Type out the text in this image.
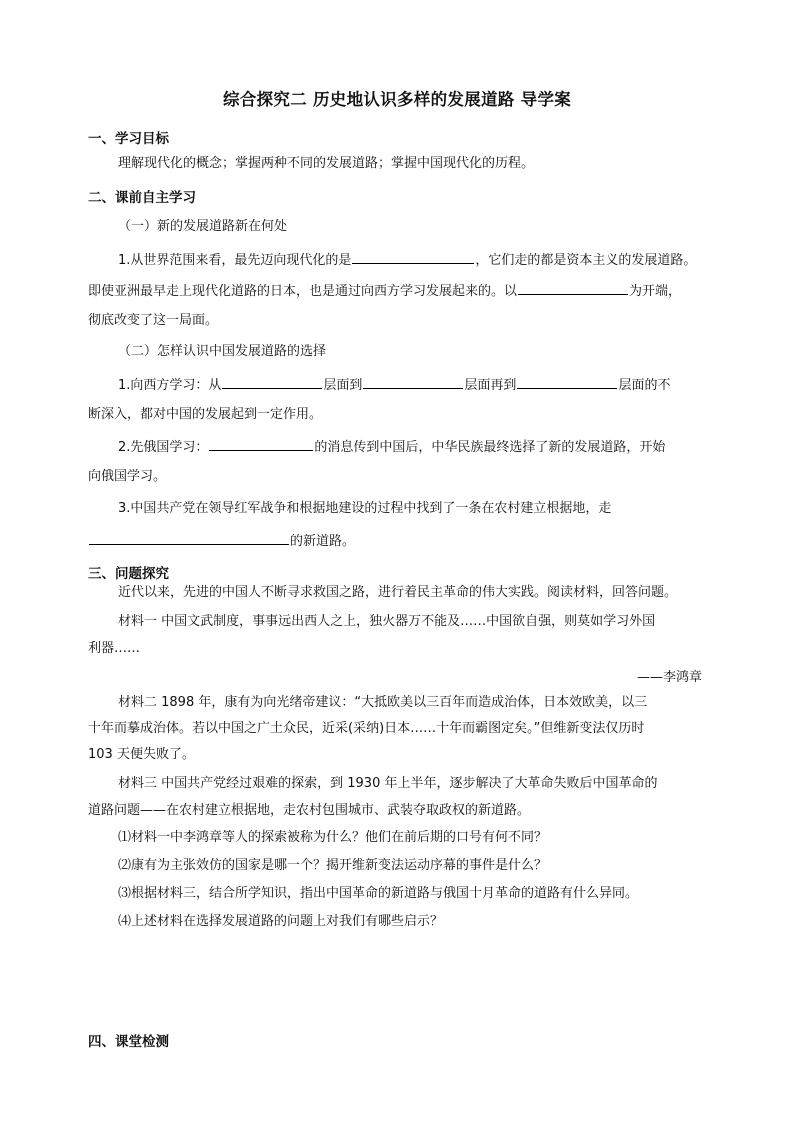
综合探究二 历史地认识多样的发展道路 导学案
一、学习目标
理解现代化的概念；掌握两种不同的发展道路；掌握中国现代化的历程。
二、课前自主学习
（一）新的发展道路新在何处
1.从世界范围来看，最先迈向现代化的是	，它们走的都是资本主义的发展道路。
即使亚洲最早走上现代化道路的日本，也是通过向西方学习发展起来的。以	为开端，
彻底改变了这一局面。
（二）怎样认识中国发展道路的选择
1.向西方学习：从	层面到	层面再到	层面的不
断深入，都对中国的发展起到一定作用。
2.先俄国学习：	的消息传到中国后，中华民族最终选择了新的发展道路，开始
向俄国学习。
3.中国共产党在领导红军战争和根据地建设的过程中找到了一条在农村建立根据地，走
的新道路。
三、问题探究
近代以来，先进的中国人不断寻求救国之路，进行着民主革命的伟大实践。阅读材料，回答问题。
材料一 中国文武制度，事事远出西人之上，独火器万不能及……中国欲自强，则莫如学习外国
利器……
——李鸿章
材料二 1898 年，康有为向光绪帝建议：“大抵欧美以三百年而造成治体，日本效欧美，以三
十年而摹成治体。若以中国之广土众民，近采(采纳)日本……十年而霸图定矣。”但维新变法仅历时
103 天便失败了。
材料三 中国共产党经过艰难的探索，到 1930 年上半年，逐步解决了大革命失败后中国革命的
道路问题——在农村建立根据地，走农村包围城市、武装夺取政权的新道路。
⑴材料一中李鸿章等人的探索被称为什么？他们在前后期的口号有何不同？
⑵康有为主张效仿的国家是哪一个？揭开维新变法运动序幕的事件是什么？
⑶根据材料三，结合所学知识，指出中国革命的新道路与俄国十月革命的道路有什么异同。
⑷上述材料在选择发展道路的问题上对我们有哪些启示？
四、课堂检测
